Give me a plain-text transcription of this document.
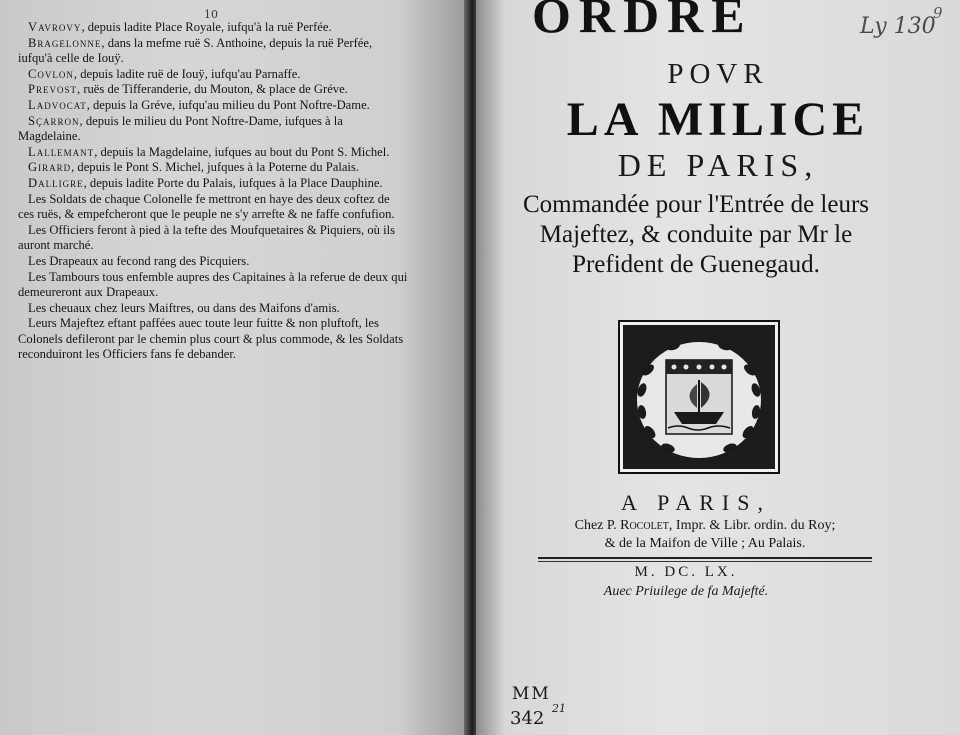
10

Vavrovy, depuis ladite Place Royale, iufqu'à la ruë Perfée.

Bragelonne, dans la mefme ruë S. Anthoine, depuis la ruë Perfée, iufqu'à celle de Iouÿ.

Covlon, depuis ladite ruë de Iouÿ, iufqu'au Parnaffe.

Prevost, ruës de Tifferanderie, du Mouton, & place de Gréve.

Ladvocat, depuis la Gréve, iufqu'au milieu du Pont Noftre-Dame.

Sçarron, depuis le milieu du Pont Noftre-Dame, iufques à la Magdelaine.

Lallemant, depuis la Magdelaine, iufques au bout du Pont S. Michel.

Girard, depuis le Pont S. Michel, jufques à la Poterne du Palais.

Dalligre, depuis ladite Porte du Palais, iufques à la Place Dauphine.

Les Soldats de chaque Colonelle fe mettront en haye des deux coftez de ces ruës, & empefcheront que le peuple ne s'y arrefte & ne faffe confufion.

Les Officiers feront à pied à la tefte des Moufquetaires & Piquiers, où ils auront marché.

Les Drapeaux au fecond rang des Picquiers.

Les Tambours tous enfemble aupres des Capitaines à la referue de deux qui demeureront aux Drapeaux.

Les cheuaux chez leurs Maiftres, ou dans des Maifons d'amis.

Leurs Majeftez eftant paffées auec toute leur fuitte & non pluftoft, les Colonels defileront par le chemin plus court & plus commode, & les Soldats reconduiront les Officiers fans fe debander.

ORDRE
POVR
LA MILICE
DE PARIS,
Commandée pour l'Entrée de leurs Majeftez, & conduite par Mr le Prefident de Guenegaud.
Ly 130
9
A PARIS,
Chez P. Rocolet, Impr. & Libr. ordin. du Roy;
& de la Maifon de Ville ; Au Palais.
M. DC. LX.
Auec Priuilege de fa Majefté.
MM
342 21
